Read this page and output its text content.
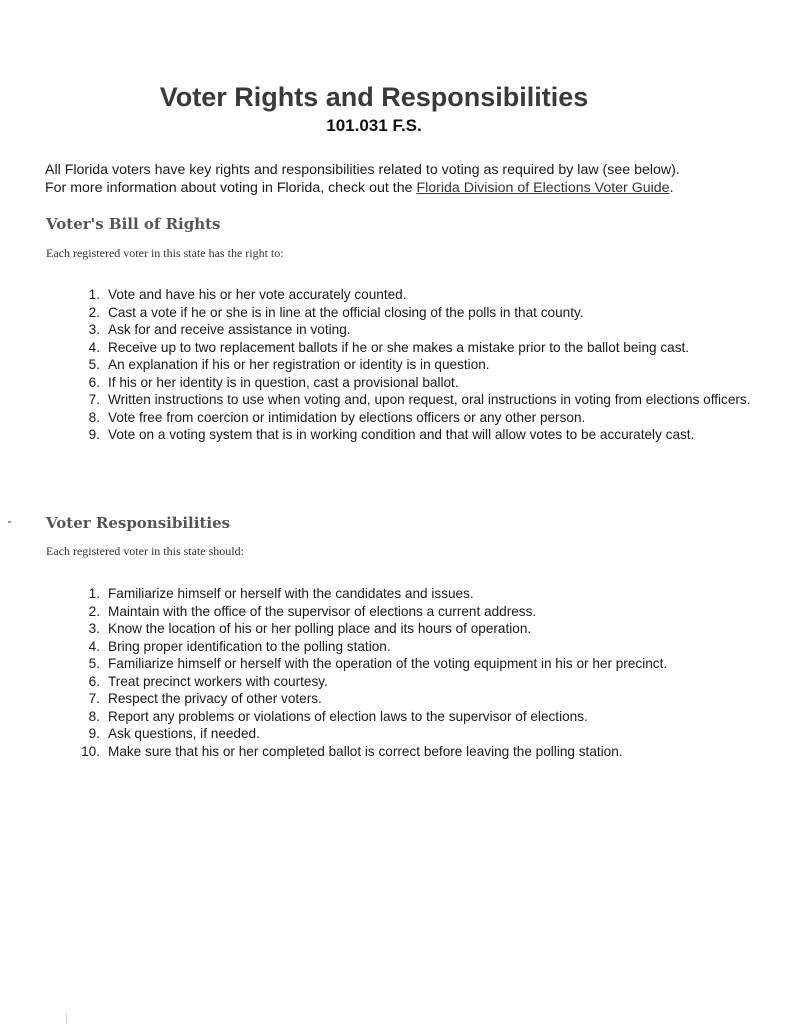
Voter Rights and Responsibilities
101.031 F.S.

All Florida voters have key rights and responsibilities related to voting as required by law (see below).
For more information about voting in Florida, check out the Florida Division of Elections Voter Guide.

Voter's Bill of Rights
Each registered voter in this state has the right to:
1. Vote and have his or her vote accurately counted.
2. Cast a vote if he or she is in line at the official closing of the polls in that county.
3. Ask for and receive assistance in voting.
4. Receive up to two replacement ballots if he or she makes a mistake prior to the ballot being cast.
5. An explanation if his or her registration or identity is in question.
6. If his or her identity is in question, cast a provisional ballot.
7. Written instructions to use when voting and, upon request, oral instructions in voting from elections officers.
8. Vote free from coercion or intimidation by elections officers or any other person.
9. Vote on a voting system that is in working condition and that will allow votes to be accurately cast.
Voter Responsibilities
Each registered voter in this state should:
1. Familiarize himself or herself with the candidates and issues.
2. Maintain with the office of the supervisor of elections a current address.
3. Know the location of his or her polling place and its hours of operation.
4. Bring proper identification to the polling station.
5. Familiarize himself or herself with the operation of the voting equipment in his or her precinct.
6. Treat precinct workers with courtesy.
7. Respect the privacy of other voters.
8. Report any problems or violations of election laws to the supervisor of elections.
9. Ask questions, if needed.
10. Make sure that his or her completed ballot is correct before leaving the polling station.
